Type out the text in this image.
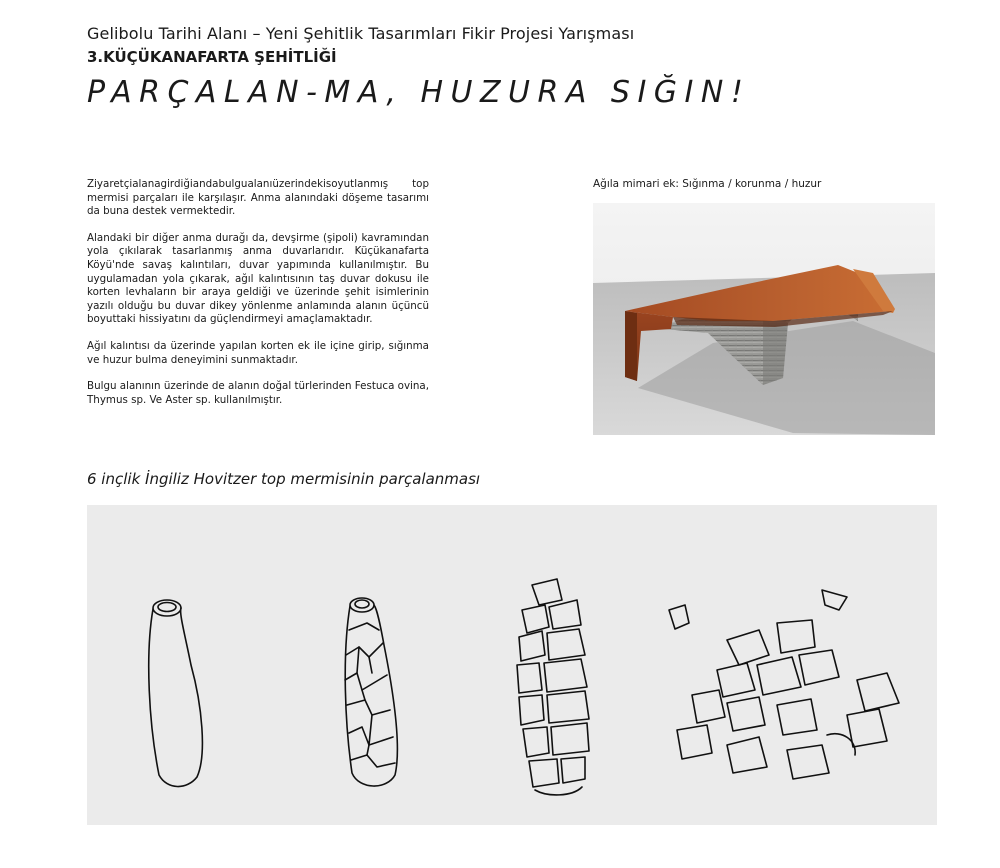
Gelibolu Tarihi Alanı – Yeni Şehitlik Tasarımları Fikir Projesi Yarışması
3.KÜÇÜKANAFARTA ŞEHİTLİĞİ
PARÇALAN-MA, HUZURA SIĞIN!

Ziyaretçialanagirdiğiandabulgualanıüzerindekisoyutlanmış top mermisi parçaları ile karşılaşır. Anma alanındaki döşeme tasarımı da buna destek vermektedir.

Alandaki bir diğer anma durağı da, devşirme (şipoli) kavramından yola çıkılarak tasarlanmış anma duvarlarıdır. Küçükanafarta Köyü'nde savaş kalıntıları, duvar yapımında kullanılmıştır. Bu uygulamadan yola çıkarak, ağıl kalıntısının taş duvar dokusu ile korten levhaların bir araya geldiği ve üzerinde şehit isimlerinin yazılı olduğu bu duvar dikey yönlenme anlamında alanın üçüncü boyuttaki hissiyatını da güçlendirmeyi amaçlamaktadır.

Ağıl kalıntısı da üzerinde yapılan korten ek ile içine girip, sığınma ve huzur bulma deneyimini sunmaktadır.

Bulgu alanının üzerinde de alanın doğal türlerinden Festuca ovina, Thymus sp. Ve Aster sp. kullanılmıştır.

Ağıla mimari ek: Sığınma / korunma / huzur
6 inçlik İngiliz Hovitzer top mermisinin parçalanması
